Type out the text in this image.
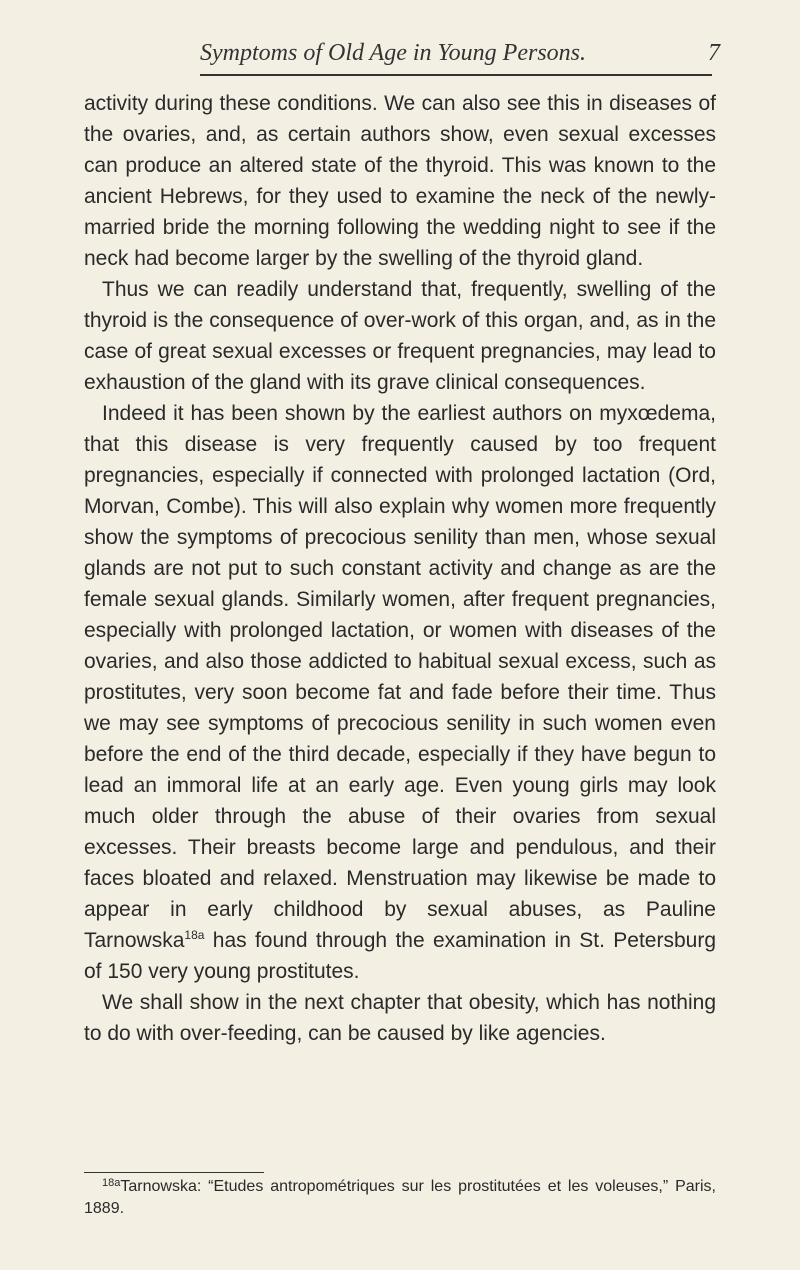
Symptoms of Old Age in Young Persons.	7

activity during these conditions. We can also see this in diseases of the ovaries, and, as certain authors show, even sexual excesses can produce an altered state of the thyroid. This was known to the ancient Hebrews, for they used to examine the neck of the newly-married bride the morning following the wedding night to see if the neck had become larger by the swelling of the thyroid gland.

Thus we can readily understand that, frequently, swelling of the thyroid is the consequence of over-work of this organ, and, as in the case of great sexual excesses or frequent pregnancies, may lead to exhaustion of the gland with its grave clinical consequences.

Indeed it has been shown by the earliest authors on myxœdema, that this disease is very frequently caused by too frequent pregnancies, especially if connected with prolonged lactation (Ord, Morvan, Combe). This will also explain why women more frequently show the symptoms of precocious senility than men, whose sexual glands are not put to such constant activity and change as are the female sexual glands. Similarly women, after frequent pregnancies, especially with prolonged lactation, or women with diseases of the ovaries, and also those addicted to habitual sexual excess, such as prostitutes, very soon become fat and fade before their time. Thus we may see symptoms of precocious senility in such women even before the end of the third decade, especially if they have begun to lead an immoral life at an early age. Even young girls may look much older through the abuse of their ovaries from sexual excesses. Their breasts become large and pendulous, and their faces bloated and relaxed. Menstruation may likewise be made to appear in early childhood by sexual abuses, as Pauline Tarnowska$^{18a}$ has found through the examination in St. Petersburg of 150 very young prostitutes.

We shall show in the next chapter that obesity, which has nothing to do with over-feeding, can be caused by like agencies.

$^{18a}$Tarnowska: “Etudes antropométriques sur les prostitutées et les voleuses,” Paris, 1889.
